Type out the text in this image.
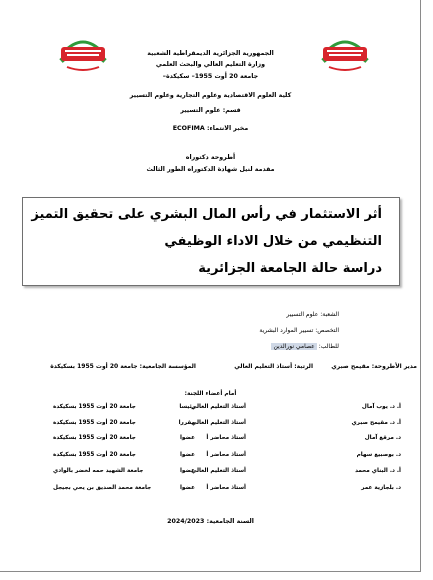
الجمهورية الجزائرية الديمقراطية الشعبية
وزارة التعليم العالي والبحث العلمي
جامعة 20 أوت 1955– سكيكدة–
كلية العلوم الاقتصادية وعلوم التجارية وعلوم التسيير
قسم: علوم التسيير
مخبر الانتماء: ECOFIMA
أطروحة دكتوراه
مقدمة لنيل شهادة الدكتوراه الطور الثالث
أثر الاستثمار في رأس المال البشري على تحقيق التميز
التنظيمي من خلال الاداء الوظيفي
دراسة حالة الجامعة الجزائرية
الشعبة: علوم التسيير
التخصص: تسيير الموارد البشرية
للطالب: عصامي نورالدين
مدير الأطروحة: مقيمح صبري
الرتبة: أستاذ التعليم العالي
المؤسسة الجامعية: جامعة 20 أوت 1955 بسكيكدة
أمام أعضاء اللجنة:
أ. د. يوب آمال
أستاذ التعليم العالي
رئيسا
جامعة 20 أوت 1955 بسكيكدة
أ. د. مقيمح صبري
أستاذ التعليم العالي
مقررا
جامعة 20 أوت 1955 بسكيكدة
د. مرقع آمال
أستاذ محاضر أ
عضوا
جامعة 20 أوت 1955 بسكيكدة
د. بوصبيع سهام
أستاذ محاضر أ
عضوا
جامعة 20 أوت 1955 بسكيكدة
أ. د. البناي محمد
أستاذ التعليم العالي
عضوا
جامعة الشهيد حمه لخضر بالوادي
د. بلجازية عمر
أستاذ محاضر أ
عضوا
جامعة محمد الصديق بن يحي بجيجل
السنة الجامعية: 2024/2023
